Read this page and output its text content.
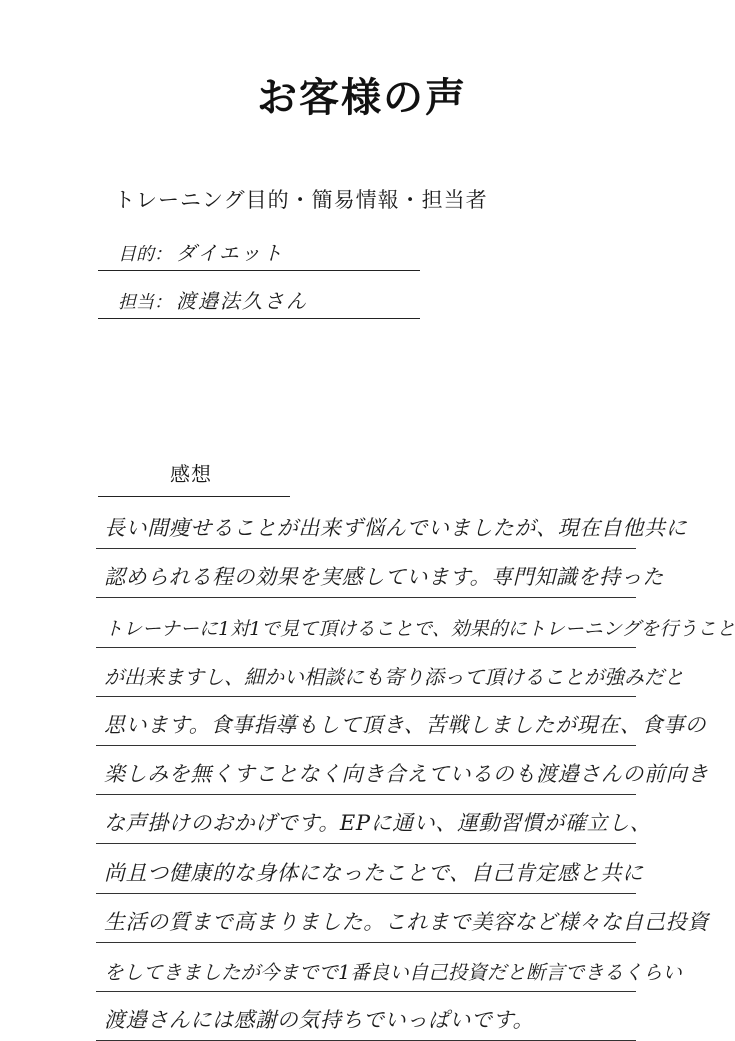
お客様の声
トレーニング目的・簡易情報・担当者
目的： ダイエット
担当： 渡邉法久さん
感想
長い間痩せることが出来ず悩んでいましたが、現在自他共に
認められる程の効果を実感しています。専門知識を持った
トレーナーに1対1で見て頂けることで、効果的にトレーニングを行うこと
が出来ますし、細かい相談にも寄り添って頂けることが強みだと
思います。食事指導もして頂き、苦戦しましたが現在、食事の
楽しみを無くすことなく向き合えているのも渡邉さんの前向き
な声掛けのおかげです。EPに通い、運動習慣が確立し、
尚且つ健康的な身体になったことで、自己肯定感と共に
生活の質まで高まりました。これまで美容など様々な自己投資
をしてきましたが今までで1番良い自己投資だと断言できるくらい
渡邉さんには感謝の気持ちでいっぱいです。
